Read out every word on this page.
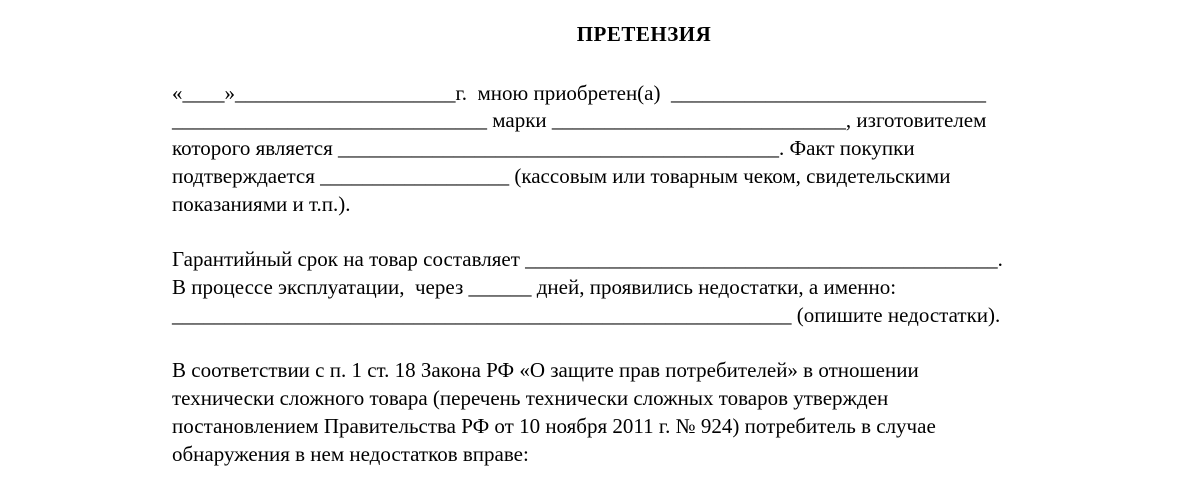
ПРЕТЕНЗИЯ
«____»_____________________г.  мною приобретен(а)  ______________________________
______________________________ марки ____________________________, изготовителем
которого является __________________________________________. Факт покупки
подтверждается __________________ (кассовым или товарным чеком, свидетельскими
показаниями и т.п.).
Гарантийный срок на товар составляет _____________________________________________.
В процессе эксплуатации,  через ______ дней, проявились недостатки, а именно:
___________________________________________________________ (опишите недостатки).
В соответствии с п. 1 ст. 18 Закона РФ «О защите прав потребителей» в отношении
технически сложного товара (перечень технически сложных товаров утвержден
постановлением Правительства РФ от 10 ноября 2011 г. № 924) потребитель в случае
обнаружения в нем недостатков вправе:
